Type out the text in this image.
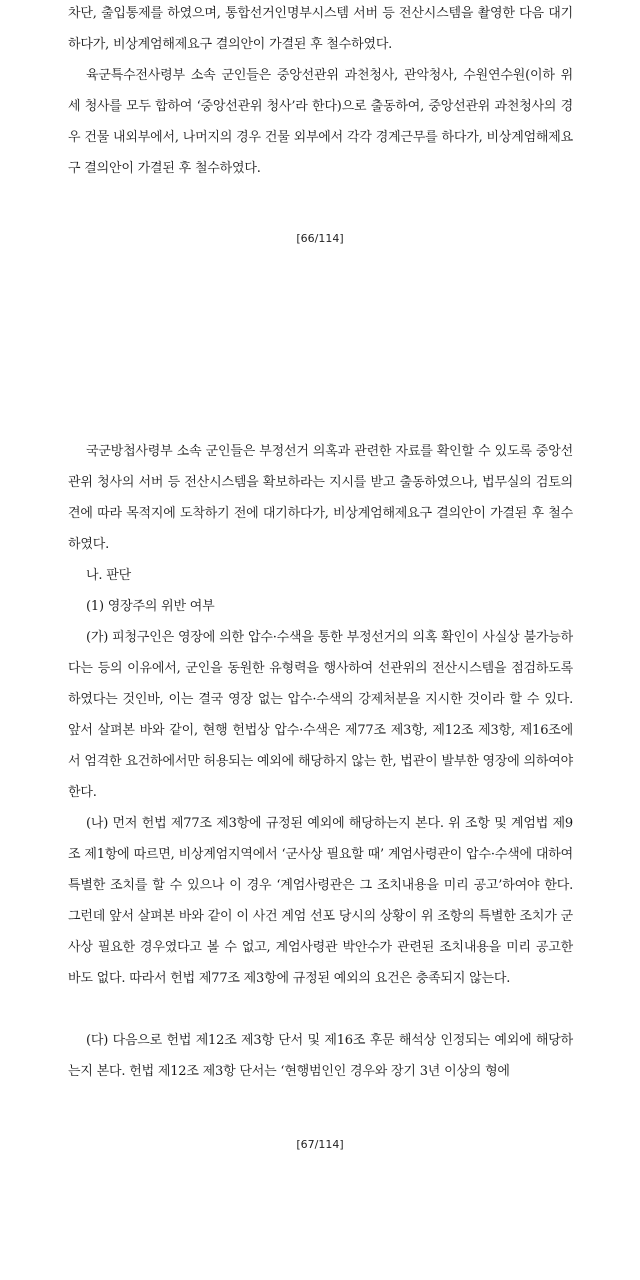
차단, 출입통제를 하였으며, 통합선거인명부시스템 서버 등 전산시스템을 촬영한 다음 대기하다가, 비상계엄해제요구 결의안이 가결된 후 철수하였다.

육군특수전사령부 소속 군인들은 중앙선관위 과천청사, 관악청사, 수원연수원(이하 위 세 청사를 모두 합하여 ‘중앙선관위 청사’라 한다)으로 출동하여, 중앙선관위 과천청사의 경우 건물 내외부에서, 나머지의 경우 건물 외부에서 각각 경계근무를 하다가, 비상계엄해제요구 결의안이 가결된 후 철수하였다.

[66/114]

국군방첩사령부 소속 군인들은 부정선거 의혹과 관련한 자료를 확인할 수 있도록 중앙선관위 청사의 서버 등 전산시스템을 확보하라는 지시를 받고 출동하였으나, 법무실의 검토의견에 따라 목적지에 도착하기 전에 대기하다가, 비상계엄해제요구 결의안이 가결된 후 철수하였다.

나. 판단

(1) 영장주의 위반 여부

(가) 피청구인은 영장에 의한 압수·수색을 통한 부정선거의 의혹 확인이 사실상 불가능하다는 등의 이유에서, 군인을 동원한 유형력을 행사하여 선관위의 전산시스템을 점검하도록 하였다는 것인바, 이는 결국 영장 없는 압수·수색의 강제처분을 지시한 것이라 할 수 있다. 앞서 살펴본 바와 같이, 현행 헌법상 압수·수색은 제77조 제3항, 제12조 제3항, 제16조에서 엄격한 요건하에서만 허용되는 예외에 해당하지 않는 한, 법관이 발부한 영장에 의하여야 한다.

(나) 먼저 헌법 제77조 제3항에 규정된 예외에 해당하는지 본다. 위 조항 및 계엄법 제9조 제1항에 따르면, 비상계엄지역에서 ‘군사상 필요할 때’ 계엄사령관이 압수·수색에 대하여 특별한 조치를 할 수 있으나 이 경우 ‘계엄사령관은 그 조치내용을 미리 공고’하여야 한다. 그런데 앞서 살펴본 바와 같이 이 사건 계엄 선포 당시의 상황이 위 조항의 특별한 조치가 군사상 필요한 경우였다고 볼 수 없고, 계엄사령관 박안수가 관련된 조치내용을 미리 공고한 바도 없다. 따라서 헌법 제77조 제3항에 규정된 예외의 요건은 충족되지 않는다.

(다) 다음으로 헌법 제12조 제3항 단서 및 제16조 후문 해석상 인정되는 예외에 해당하는지 본다. 헌법 제12조 제3항 단서는 ‘현행범인인 경우와 장기 3년 이상의 형에

[67/114]
